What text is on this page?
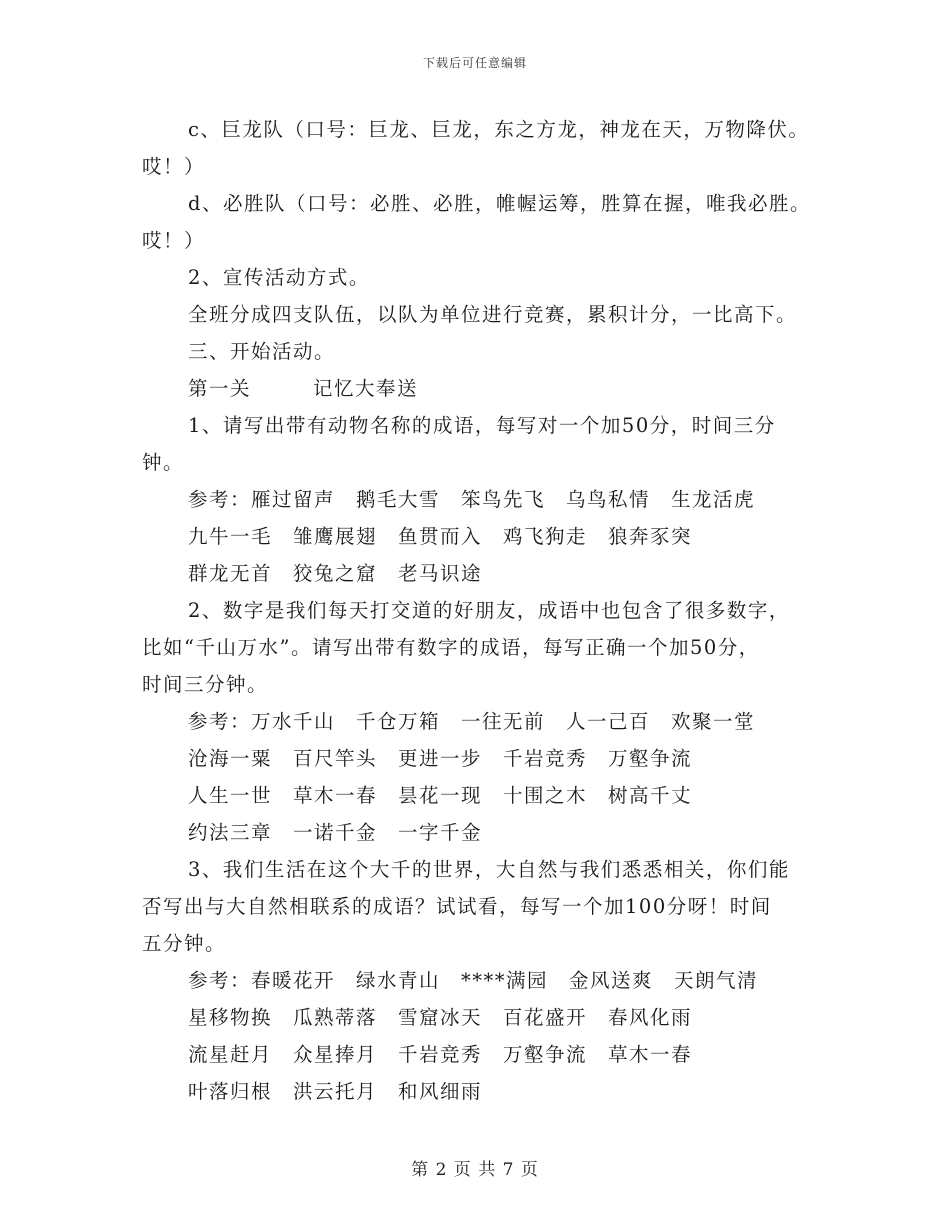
下载后可任意编辑
c、巨龙队（口号：巨龙、巨龙，东之方龙，神龙在天，万物降伏。
哎！）
d、必胜队（口号：必胜、必胜，帷幄运筹，胜算在握，唯我必胜。
哎！）
2、宣传活动方式。
全班分成四支队伍，以队为单位进行竞赛，累积计分，一比高下。
三、开始活动。
第一关	记忆大奉送
1、请写出带有动物名称的成语，每写对一个加50分，时间三分
钟。
参考：雁过留声　鹅毛大雪　笨鸟先飞　乌鸟私情　生龙活虎
九牛一毛　雏鹰展翅　鱼贯而入　鸡飞狗走　狼奔豕突
群龙无首　狡兔之窟　老马识途
2、数字是我们每天打交道的好朋友，成语中也包含了很多数字，
比如“千山万水”。请写出带有数字的成语，每写正确一个加50分，
时间三分钟。
参考：万水千山　千仓万箱　一往无前　人一己百　欢聚一堂
沧海一粟　百尺竿头　更进一步　千岩竞秀　万壑争流
人生一世　草木一春　昙花一现　十围之木　树高千丈
约法三章　一诺千金　一字千金
3、我们生活在这个大千的世界，大自然与我们悉悉相关，你们能
否写出与大自然相联系的成语？试试看，每写一个加100分呀！时间
五分钟。
参考：春暖花开　绿水青山　****满园　金风送爽　天朗气清
星移物换　瓜熟蒂落　雪窟冰天　百花盛开　春风化雨
流星赶月　众星捧月　千岩竞秀　万壑争流　草木一春
叶落归根　洪云托月　和风细雨
第 2 页 共 7 页
